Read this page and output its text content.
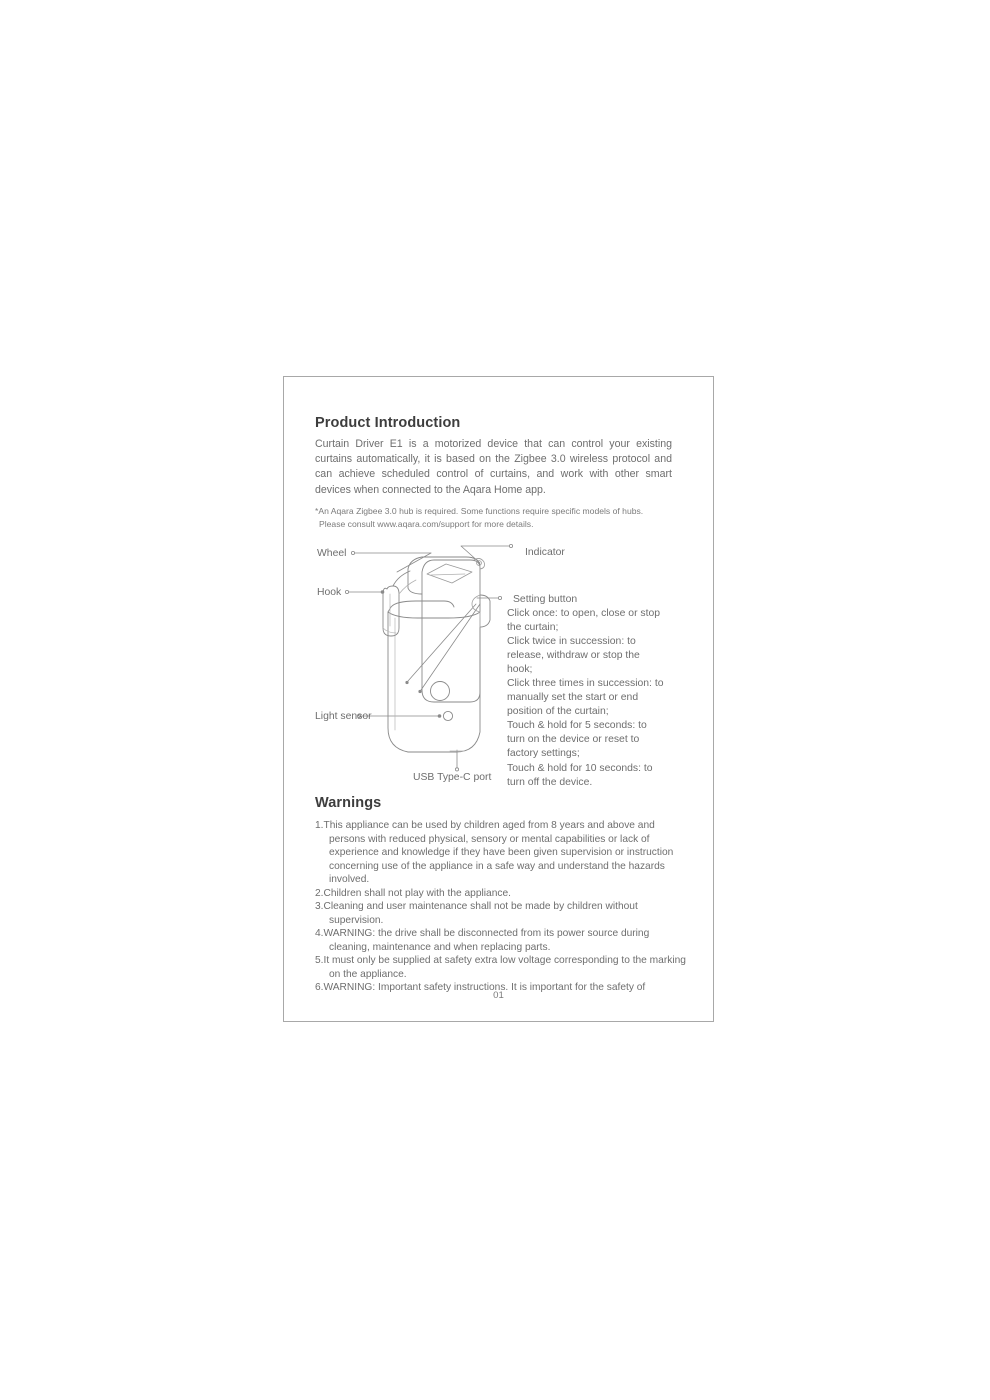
Product Introduction
Curtain Driver E1 is a motorized device that can control your existing curtains automatically, it is based on the Zigbee 3.0 wireless protocol and can achieve scheduled control of curtains, and work with other smart devices when connected to the Aqara Home app.
*An Aqara Zigbee 3.0 hub is required. Some functions require specific models of hubs.
Please consult www.aqara.com/support for more details.
Wheel
Hook
Light sensor
USB Type-C port
Indicator
Setting button
Click once: to open, close or stop
the curtain;
Click twice in succession: to
release, withdraw or stop the
hook;
Click three times in succession: to
manually set the start or end
position of the curtain;
Touch & hold for 5 seconds: to
turn on the device or reset to
factory settings;
Touch & hold for 10 seconds: to
turn off the device.
Warnings
1.This appliance can be used by children aged from 8 years and above and persons with reduced physical, sensory or mental capabilities or lack of experience and knowledge if they have been given supervision or instruction concerning use of the appliance in a safe way and understand the hazards involved.
2.Children shall not play with the appliance.
3.Cleaning and user maintenance shall not be made by children without supervision.
4.WARNING: the drive shall be disconnected from its power source during cleaning, maintenance and when replacing parts.
5.It must only be supplied at safety extra low voltage corresponding to the marking on the appliance.
6.WARNING: Important safety instructions. It is important for the safety of
01
